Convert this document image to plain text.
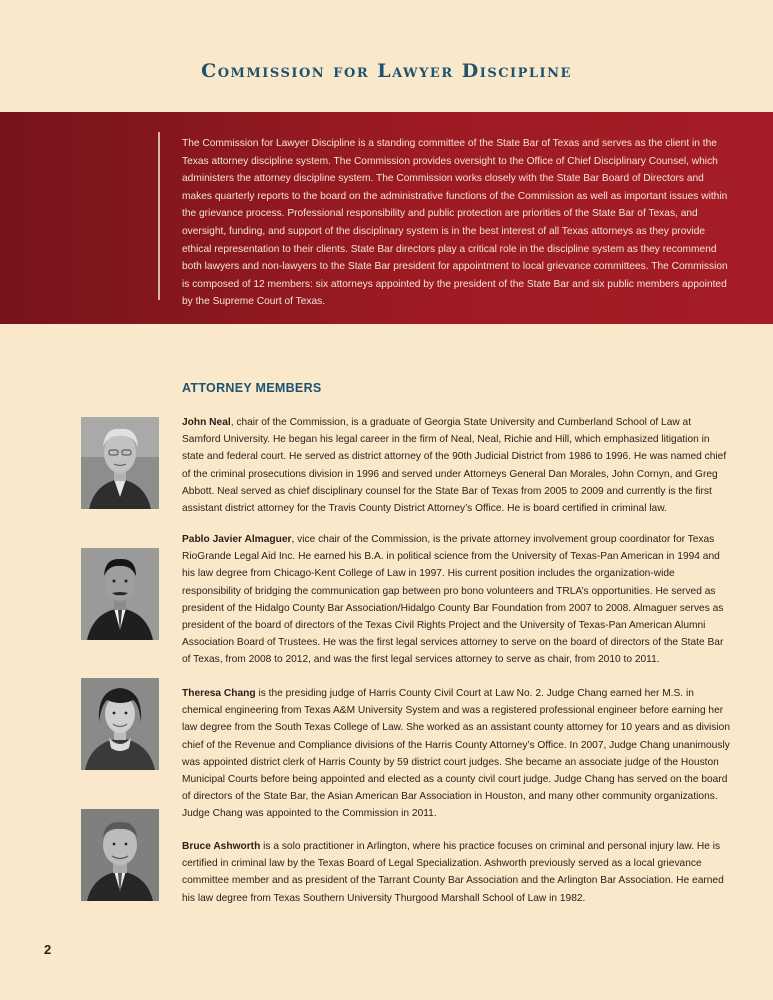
Commission for Lawyer Discipline

The Commission for Lawyer Discipline is a standing committee of the State Bar of Texas and serves as the client in the Texas attorney discipline system. The Commission provides oversight to the Office of Chief Disciplinary Counsel, which administers the attorney discipline system. The Commission works closely with the State Bar Board of Directors and makes quarterly reports to the board on the administrative functions of the Commission as well as important issues within the grievance process. Professional responsibility and public protection are priorities of the State Bar of Texas, and oversight, funding, and support of the disciplinary system is in the best interest of all Texas attorneys as they provide ethical representation to their clients. State Bar directors play a critical role in the discipline system as they recommend both lawyers and non-lawyers to the State Bar president for appointment to local grievance committees. The Commission is composed of 12 members: six attorneys appointed by the president of the State Bar and six public members appointed by the Supreme Court of Texas.

ATTORNEY MEMBERS

John Neal, chair of the Commission, is a graduate of Georgia State University and Cumberland School of Law at Samford University. He began his legal career in the firm of Neal, Neal, Richie and Hill, which emphasized litigation in state and federal court. He served as district attorney of the 90th Judicial District from 1986 to 1996. He was named chief of the criminal prosecutions division in 1996 and served under Attorneys General Dan Morales, John Cornyn, and Greg Abbott. Neal served as chief disciplinary counsel for the State Bar of Texas from 2005 to 2009 and currently is the first assistant district attorney for the Travis County District Attorney’s Office. He is board certified in criminal law.

Pablo Javier Almaguer, vice chair of the Commission, is the private attorney involvement group coordinator for Texas RioGrande Legal Aid Inc. He earned his B.A. in political science from the University of Texas-Pan American in 1994 and his law degree from Chicago-Kent College of Law in 1997. His current position includes the organization-wide responsibility of bridging the communication gap between pro bono volunteers and TRLA’s opportunities. He served as president of the Hidalgo County Bar Association/Hidalgo County Bar Foundation from 2007 to 2008. Almaguer serves as president of the board of directors of the Texas Civil Rights Project and the University of Texas-Pan American Alumni Association Board of Trustees. He was the first legal services attorney to serve on the board of directors of the State Bar of Texas, from 2008 to 2012, and was the first legal services attorney to serve as chair, from 2010 to 2011.

Theresa Chang is the presiding judge of Harris County Civil Court at Law No. 2. Judge Chang earned her M.S. in chemical engineering from Texas A&M University System and was a registered professional engineer before earning her law degree from the South Texas College of Law. She worked as an assistant county attorney for 10 years and as division chief of the Revenue and Compliance divisions of the Harris County Attorney’s Office. In 2007, Judge Chang unanimously was appointed district clerk of Harris County by 59 district court judges. She became an associate judge of the Houston Municipal Courts before being appointed and elected as a county civil court judge. Judge Chang has served on the board of directors of the State Bar, the Asian American Bar Association in Houston, and many other community organizations. Judge Chang was appointed to the Commission in 2011.

Bruce Ashworth is a solo practitioner in Arlington, where his practice focuses on criminal and personal injury law. He is certified in criminal law by the Texas Board of Legal Specialization. Ashworth previously served as a local grievance committee member and as president of the Tarrant County Bar Association and the Arlington Bar Association. He earned his law degree from Texas Southern University Thurgood Marshall School of Law in 1982.

2
